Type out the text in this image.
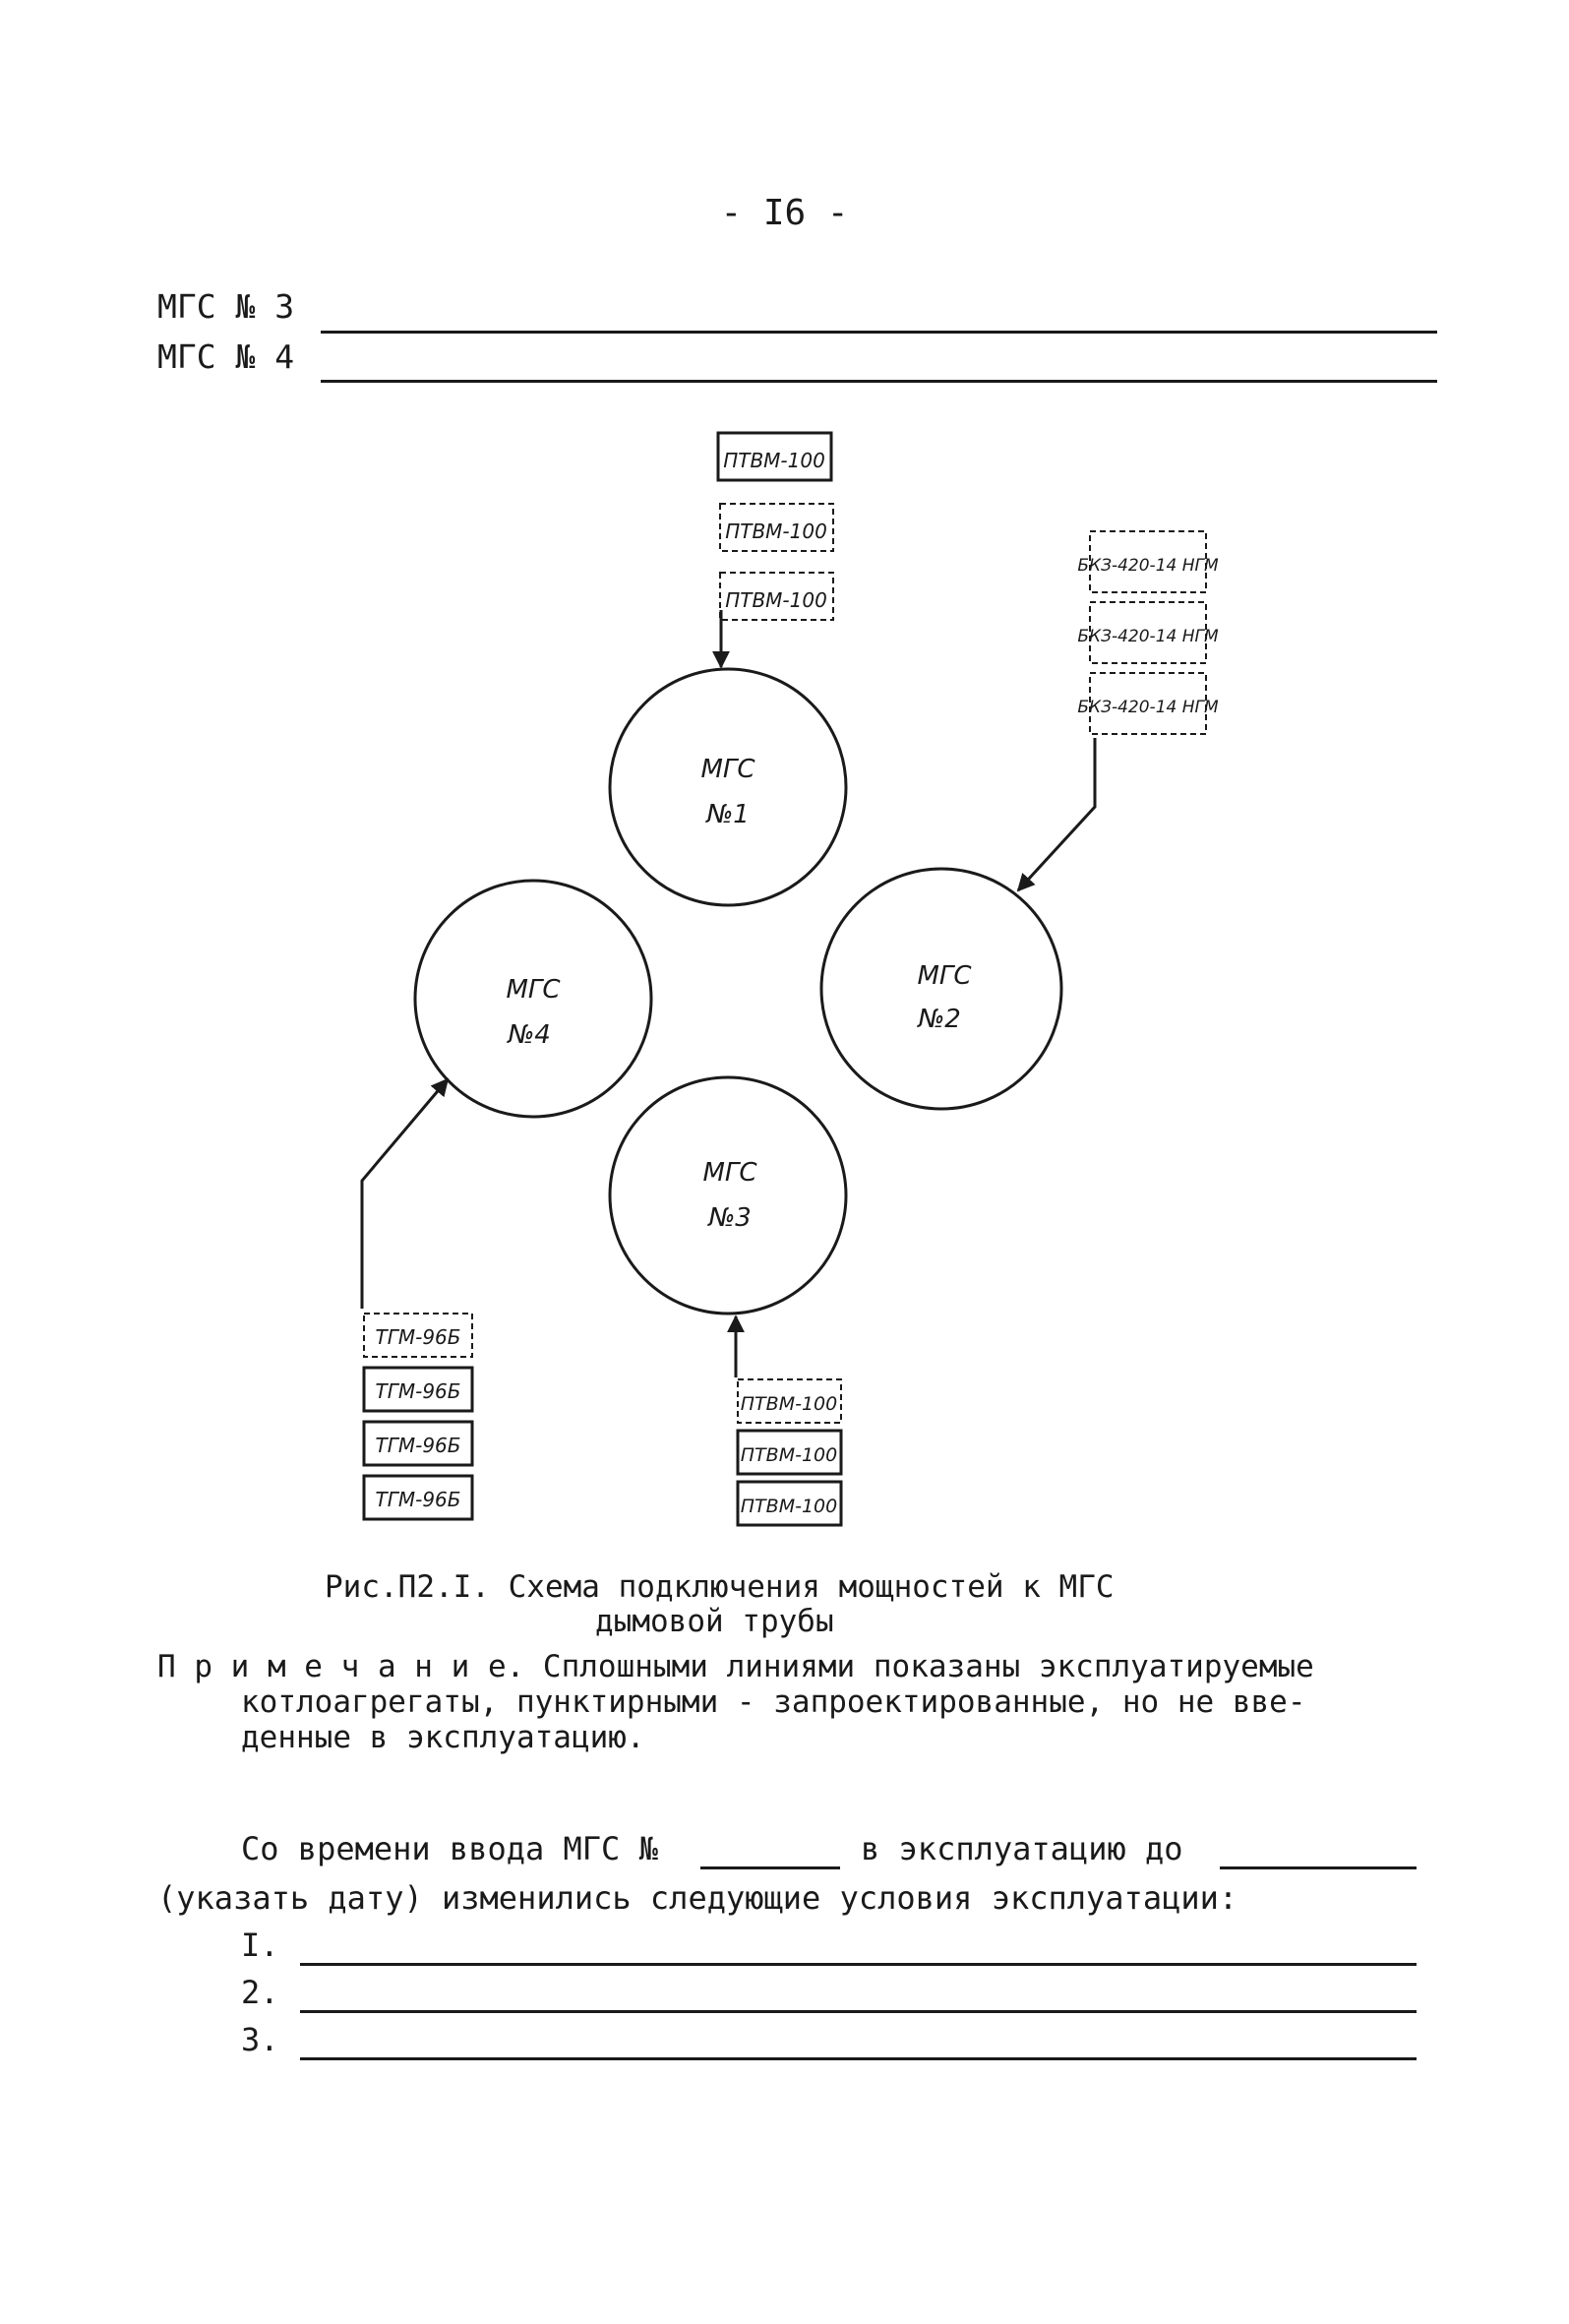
- I6 -
МГС № 3
МГС № 4
МГС
№1
МГС
№2
МГС
№3
МГС
№4
ПТВМ-100
ПТВМ-100
ПТВМ-100
БКЗ-420-14 НГМ
БКЗ-420-14 НГМ
БКЗ-420-14 НГМ
ТГМ-96Б
ТГМ-96Б
ТГМ-96Б
ТГМ-96Б
ПТВМ-100
ПТВМ-100
ПТВМ-100
Рис.П2.I. Схема подключения мощностей к МГС
дымовой трубы
П р и м е ч а н и е. Сплошными линиями показаны эксплуатируемые
котлоагрегаты, пунктирными - запроектированные, но не вве-
денные в эксплуатацию.
Со времени ввода МГС №	в эксплуатацию до
(указать дату) изменились следующие условия эксплуатации:
I.
2.
3.
